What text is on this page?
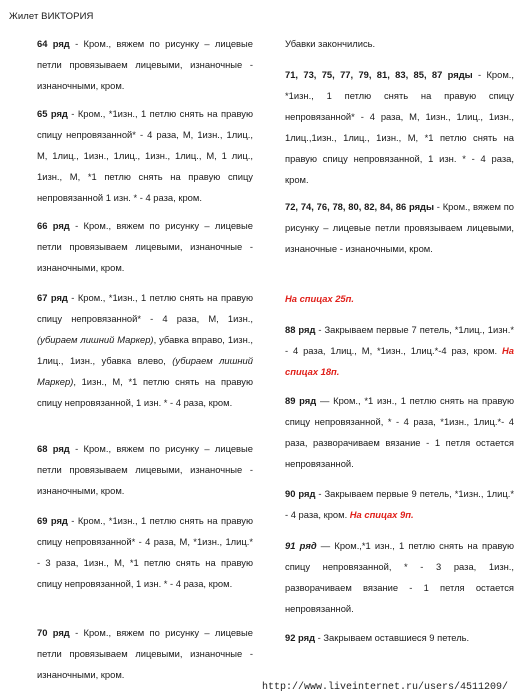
Жилет ВИКТОРИЯ

64 ряд - Кром., вяжем по рисунку – лицевые петли провязываем лицевыми, изнаночные - изнаночными, кром.

65 ряд - Кром., *1изн., 1 петлю снять на правую спицу непровязанной* - 4 раза, М, 1изн., 1лиц., М, 1лиц., 1изн., 1лиц., 1изн., 1лиц., М, 1 лиц., 1изн., М, *1 петлю снять на правую спицу непровязанной 1 изн. * - 4 раза, кром.

66 ряд - Кром., вяжем по рисунку – лицевые петли провязываем лицевыми, изнаночные - изнаночными, кром.

67 ряд - Кром., *1изн., 1 петлю снять на правую спицу непровязанной* - 4 раза, М, 1изн., (убираем лишний Маркер), убавка вправо, 1изн., 1лиц., 1изн., убавка влево, (убираем лишний Маркер), 1изн., М, *1 петлю снять на правую спицу непровязанной, 1 изн. * - 4 раза, кром.

68 ряд - Кром., вяжем по рисунку – лицевые петли провязываем лицевыми, изнаночные - изнаночными, кром.

69 ряд - Кром., *1изн., 1 петлю снять на правую спицу непровязанной* - 4 раза, М, *1изн., 1лиц.* - 3 раза, 1изн., М, *1 петлю снять на правую спицу непровязанной, 1 изн. * - 4 раза, кром.

70 ряд - Кром., вяжем по рисунку – лицевые петли провязываем лицевыми, изнаночные - изнаночными, кром.

Убавки закончились.

71, 73, 75, 77, 79, 81, 83, 85, 87 ряды - Кром., *1изн., 1 петлю снять на правую спицу непровязанной* - 4 раза, М, 1изн., 1лиц., 1изн., 1лиц.,1изн., 1лиц., 1изн., М, *1 петлю снять на правую спицу непровязанной, 1 изн. * - 4 раза, кром.

72, 74, 76, 78, 80, 82, 84, 86 ряды - Кром., вяжем по рисунку – лицевые петли провязываем лицевыми, изнаночные - изнаночными, кром.

На спицах 25п.

88 ряд - Закрываем первые 7 петель, *1лиц., 1изн.* - 4 раза, 1лиц., М, *1изн., 1лиц.*-4 раз, кром. На спицах 18п.

89 ряд — Кром., *1 изн., 1 петлю снять на правую спицу непровязанной, * - 4 раза, *1изн., 1лиц.*- 4 раза, разворачиваем вязание - 1 петля остается непровязанной.

90 ряд - Закрываем первые 9 петель, *1изн., 1лиц.* - 4 раза, кром. На спицах 9п.

91 ряд — Кром.,*1 изн., 1 петлю снять на правую спицу непровязанной, * - 3 раза, 1изн., разворачиваем вязание - 1 петля остается непровязанной.

92 ряд - Закрываем оставшиеся 9 петель.

http://www.liveinternet.ru/users/4511209/
